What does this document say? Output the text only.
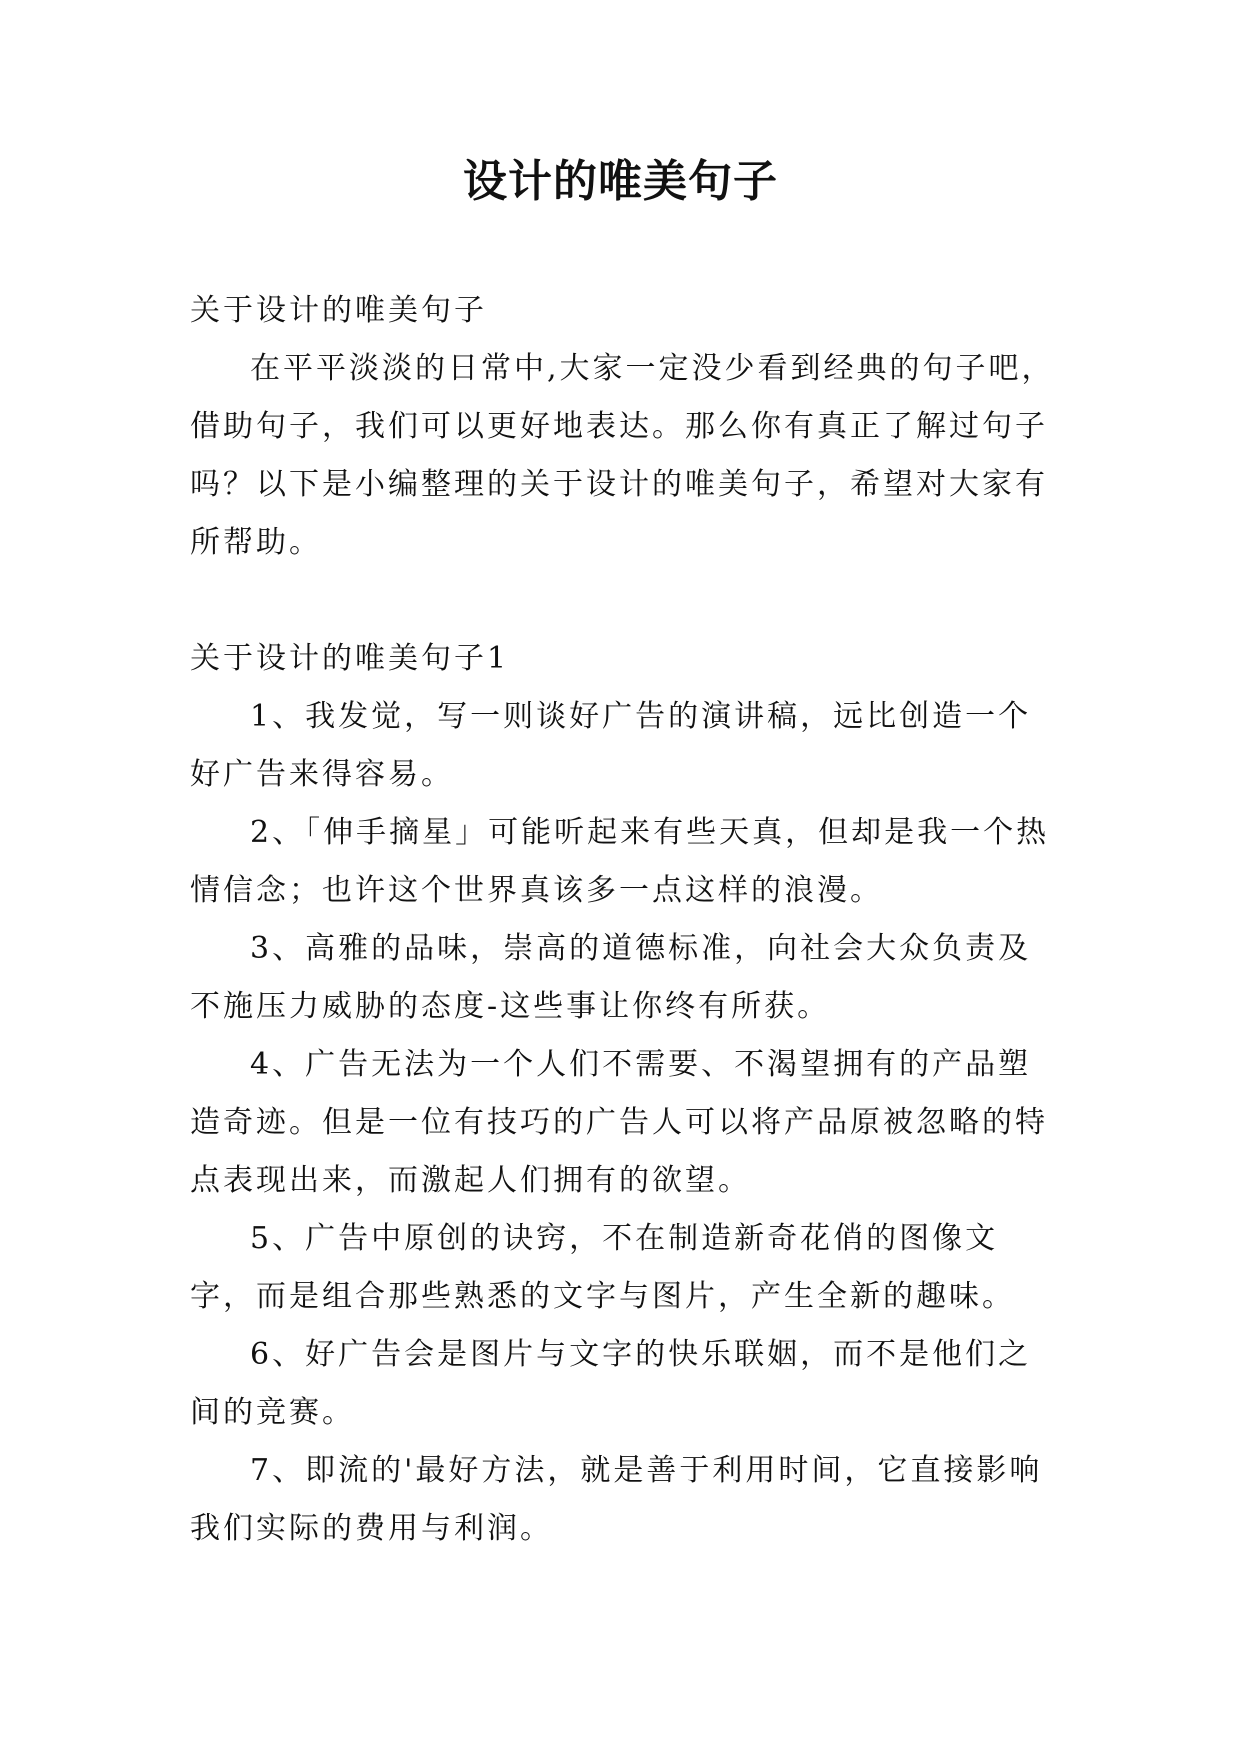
设计的唯美句子

关于设计的唯美句子

在平平淡淡的日常中,大家一定没少看到经典的句子吧，借助句子，我们可以更好地表达。那么你有真正了解过句子吗？以下是小编整理的关于设计的唯美句子，希望对大家有所帮助。

关于设计的唯美句子1

1、我发觉，写一则谈好广告的演讲稿，远比创造一个好广告来得容易。

2、「伸手摘星」可能听起来有些天真，但却是我一个热情信念；也许这个世界真该多一点这样的浪漫。

3、高雅的品味，崇高的道德标准，向社会大众负责及不施压力威胁的态度-这些事让你终有所获。

4、广告无法为一个人们不需要、不渴望拥有的产品塑造奇迹。但是一位有技巧的广告人可以将产品原被忽略的特点表现出来，而激起人们拥有的欲望。

5、广告中原创的诀窍，不在制造新奇花俏的图像文字，而是组合那些熟悉的文字与图片，产生全新的趣味。

6、好广告会是图片与文字的快乐联姻，而不是他们之间的竞赛。

7、即流的'最好方法，就是善于利用时间，它直接影响我们实际的费用与利润。
